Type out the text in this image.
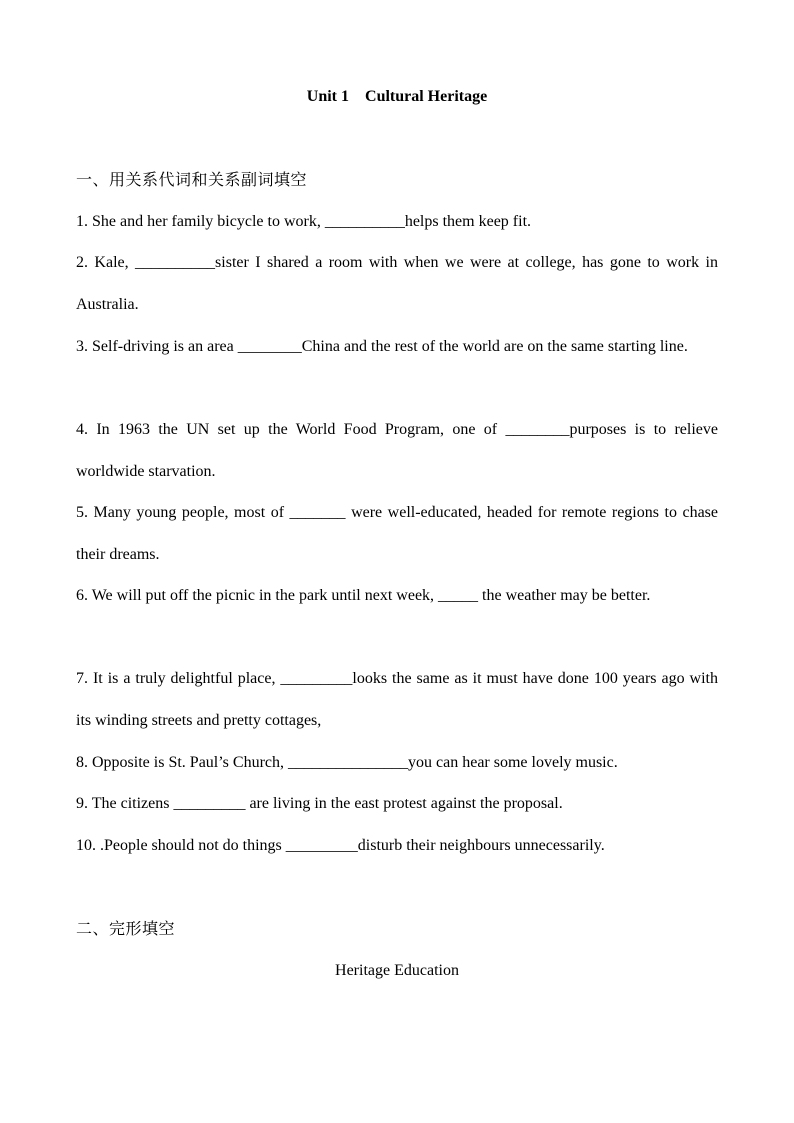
Unit 1    Cultural Heritage
一、用关系代词和关系副词填空
1. She and her family bicycle to work, __________helps them keep fit.
2. Kale, __________sister I shared a room with when we were at college, has gone to work in Australia.
3. Self-driving is an area ________China and the rest of the world are on the same starting line.
4. In 1963 the UN set up the World Food Program, one of ________purposes is to relieve worldwide starvation.
5. Many young people, most of _______ were well-educated, headed for remote regions to chase their dreams.
6. We will put off the picnic in the park until next week, _____ the weather may be better.
7. It is a truly delightful place, _________looks the same as it must have done 100 years ago with its winding streets and pretty cottages,
8. Opposite is St. Paul’s Church, _______________you can hear some lovely music.
9. The citizens _________ are living in the east protest against the proposal.
10. .People should not do things _________disturb their neighbours unnecessarily.
二、完形填空
Heritage Education
